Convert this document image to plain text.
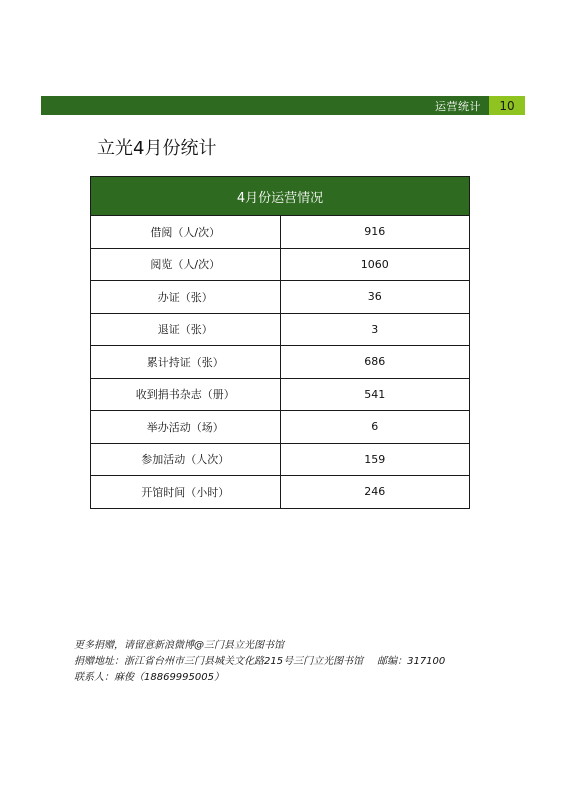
运营统计	10
立光4月份统计
4月份运营情况	
借阅（人/次）	916
阅览（人/次）	1060
办证（张）	36
退证（张）	3
累计持证（张）	686
收到捐书杂志（册）	541
举办活动（场）	6
参加活动（人次）	159
开馆时间（小时）	246
更多捐赠，请留意新浪微博@三门县立光图书馆
捐赠地址：浙江省台州市三门县城关文化路215号三门立光图书馆 邮编：317100
联系人：麻俊（18869995005）
